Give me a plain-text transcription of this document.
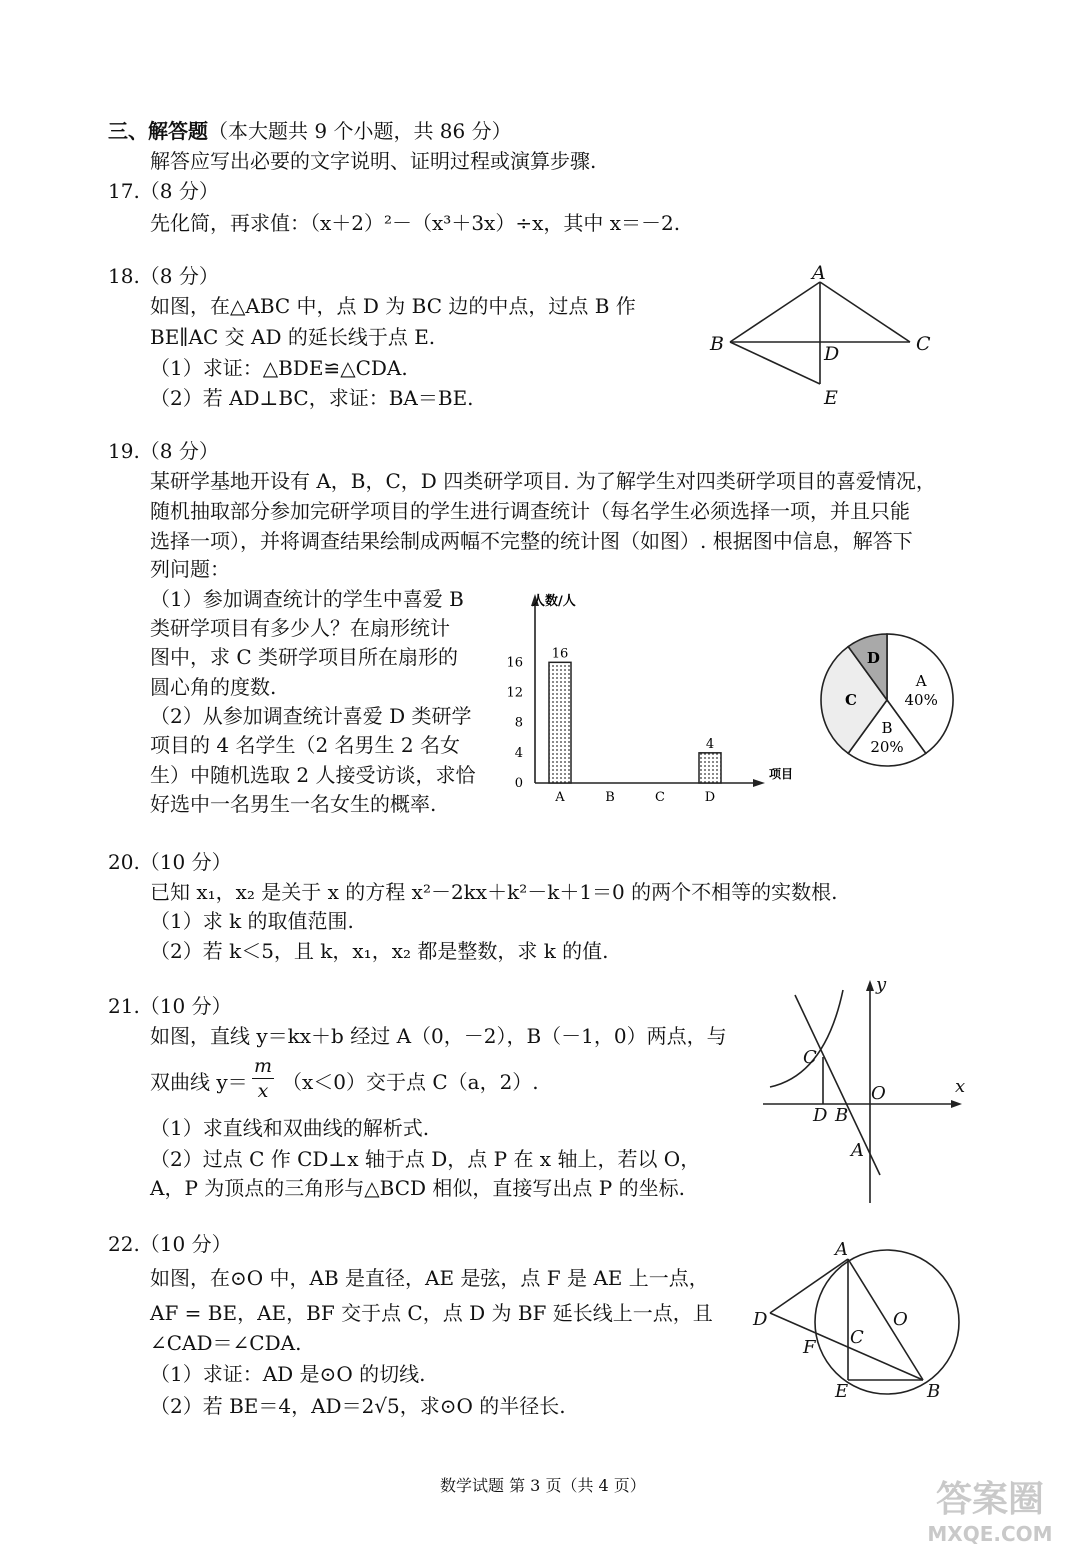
三、解答题（本大题共 9 个小题，共 86 分）
解答应写出必要的文字说明、证明过程或演算步骤.
17.（8 分）
先化简，再求值：（x＋2）²－（x³＋3x）÷x，其中 x＝－2.
18.（8 分）
如图，在△ABC 中，点 D 为 BC 边的中点，过点 B 作
BE∥AC 交 AD 的延长线于点 E.
（1）求证：△BDE≌△CDA.
（2）若 AD⊥BC，求证：BA＝BE.
A
B	C
D
E
19.（8 分）
某研学基地开设有 A，B，C，D 四类研学项目. 为了解学生对四类研学项目的喜爱情况，
随机抽取部分参加完研学项目的学生进行调查统计（每名学生必须选择一项，并且只能
选择一项），并将调查结果绘制成两幅不完整的统计图（如图）. 根据图中信息，解答下
列问题：
（1）参加调查统计的学生中喜爱 B
类研学项目有多少人？在扇形统计
图中，求 C 类研学项目所在扇形的
圆心角的度数.
（2）从参加调查统计喜爱 D 类研学
项目的 4 名学生（2 名男生 2 名女
生）中随机选取 2 人接受访谈，求恰
好选中一名男生一名女生的概率.
人数/人
项目
0
4
8
12
16
A	B	C	D
16
4
A
40%
B
20%
C
D
20.（10 分）
已知 x₁，x₂ 是关于 x 的方程 x²－2kx＋k²－k＋1＝0 的两个不相等的实数根.
（1）求 k 的取值范围.
（2）若 k＜5，且 k，x₁，x₂ 都是整数，求 k 的值.
21.（10 分）
如图，直线 y＝kx＋b 经过 A（0，－2），B（－1，0）两点，与
双曲线 $y= \frac{m}{x} (x<0)$交于点 C（a，2）.
（1）求直线和双曲线的解析式.
（2）过点 C 作 CD⊥x 轴于点 D，点 P 在 x 轴上，若以 O，
A，P 为顶点的三角形与△BCD 相似，直接写出点 P 的坐标.
x
y
O
C
D B
A
22.（10 分）
如图，在⊙O 中，AB 是直径，AE 是弦，点 F 是 AE 上一点，
AF = BE，AE，BF 交于点 C，点 D 为 BF 延长线上一点，且
∠CAD＝∠CDA.
（1）求证：AD 是⊙O 的切线.
（2）若 BE＝4，AD＝2√5，求⊙O 的半径长.
A
B
C
D
E
F
O
数学试题 第 3 页（共 4 页）	答案圈
MXQE.COM
